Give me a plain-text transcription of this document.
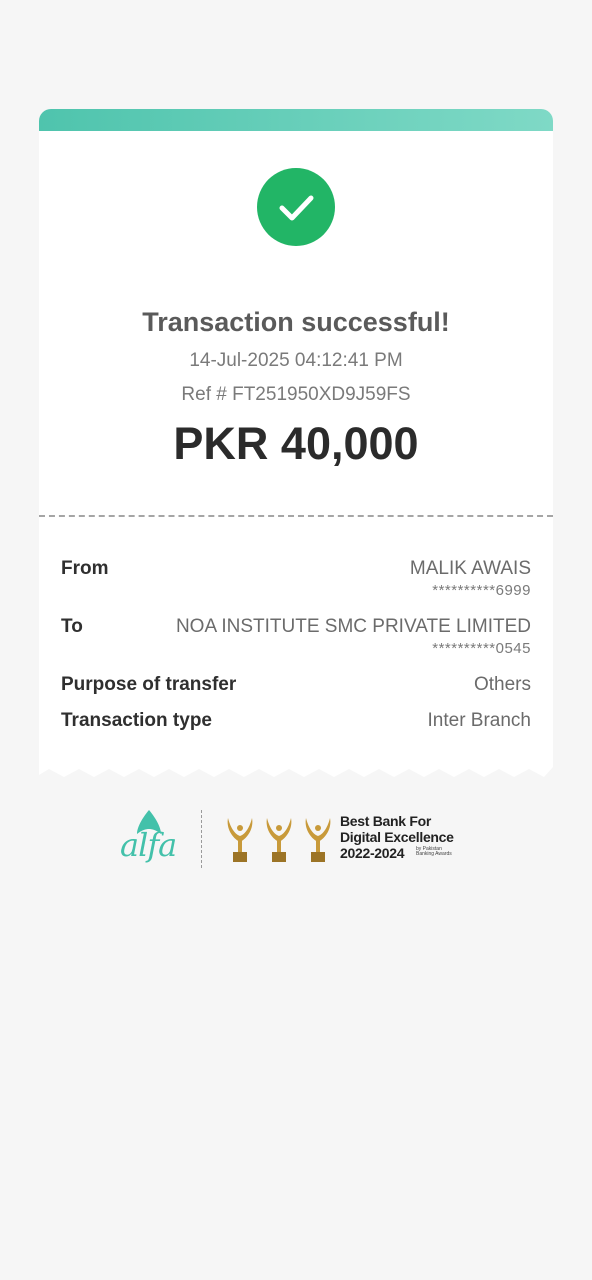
Transaction successful!
14-Jul-2025 04:12:41 PM
Ref # FT251950XD9J59FS
PKR 40,000
From	MALIK AWAIS
**********6999
To	NOA INSTITUTE SMC PRIVATE LIMITED
**********0545
Purpose of transfer	Others
Transaction type	Inter Branch
alfa
Best Bank For
Digital Excellence
2022-2024 by Pakistan Banking Awards
